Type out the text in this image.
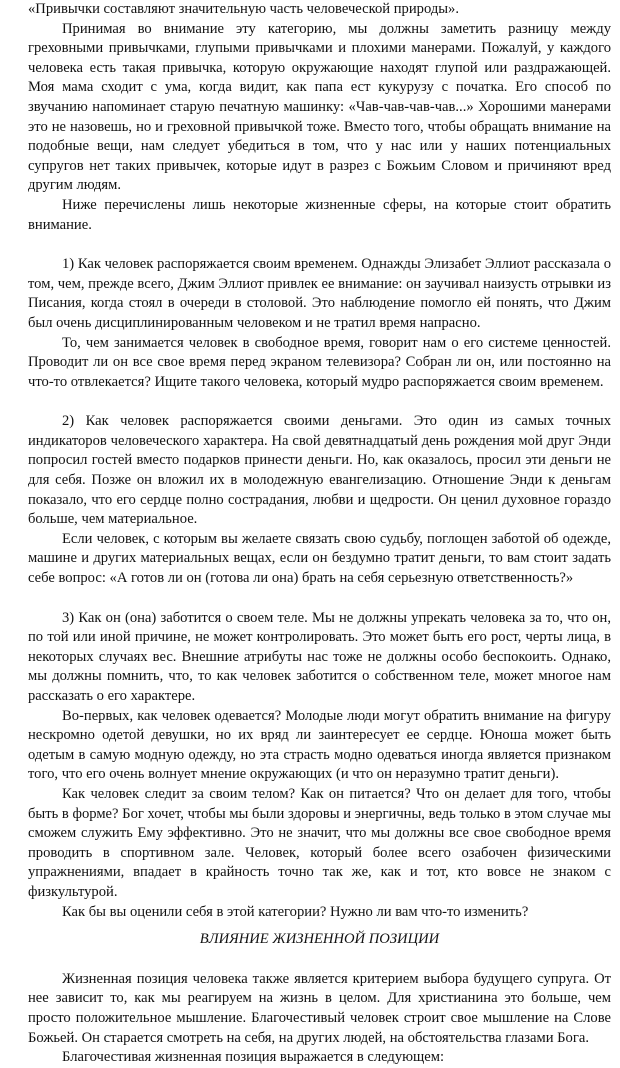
«Привычки составляют значительную часть человеческой природы».

Принимая во внимание эту категорию, мы должны заметить разницу между греховными привычками, глупыми привычками и плохими манерами. Пожалуй, у каждого человека есть такая привычка, которую окружающие находят глупой или раздражающей. Моя мама сходит с ума, когда видит, как папа ест кукурузу с початка. Его способ по звучанию напоминает старую печатную машинку: «Чав-чав-чав-чав...» Хорошими манерами это не назовешь, но и греховной привычкой тоже. Вместо того, чтобы обращать внимание на подобные вещи, нам следует убедиться в том, что у нас или у наших потенциальных супругов нет таких привычек, которые идут в разрез с Божьим Словом и причиняют вред другим людям.

Ниже перечислены лишь некоторые жизненные сферы, на которые стоит обратить внимание.

1) Как человек распоряжается своим временем. Однажды Элизабет Эллиот рассказала о том, чем, прежде всего, Джим Эллиот привлек ее внимание: он заучивал наизусть отрывки из Писания, когда стоял в очереди в столовой. Это наблюдение помогло ей понять, что Джим был очень дисциплинированным человеком и не тратил время напрасно.

То, чем занимается человек в свободное время, говорит нам о его системе ценностей. Проводит ли он все свое время перед экраном телевизора? Собран ли он, или постоянно на что-то отвлекается? Ищите такого человека, который мудро распоряжается своим временем.

2) Как человек распоряжается своими деньгами. Это один из самых точных индикаторов человеческого характера. На свой девятнадцатый день рождения мой друг Энди попросил гостей вместо подарков принести деньги. Но, как оказалось, просил эти деньги не для себя. Позже он вложил их в молодежную евангелизацию. Отношение Энди к деньгам показало, что его сердце полно сострадания, любви и щедрости. Он ценил духовное гораздо больше, чем материальное.

Если человек, с которым вы желаете связать свою судьбу, поглощен заботой об одежде, машине и других материальных вещах, если он бездумно тратит деньги, то вам стоит задать себе вопрос: «А готов ли он (готова ли она) брать на себя серьезную ответственность?»

3) Как он (она) заботится о своем теле. Мы не должны упрекать человека за то, что он, по той или иной причине, не может контролировать. Это может быть его рост, черты лица, в некоторых случаях вес. Внешние атрибуты нас тоже не должны особо беспокоить. Однако, мы должны помнить, что, то как человек заботится о собственном теле, может многое нам рассказать о его характере.

Во-первых, как человек одевается? Молодые люди могут обратить внимание на фигуру нескромно одетой девушки, но их вряд ли заинтересует ее сердце. Юноша может быть одетым в самую модную одежду, но эта страсть модно одеваться иногда является признаком того, что его очень волнует мнение окружающих (и что он неразумно тратит деньги).

Как человек следит за своим телом? Как он питается? Что он делает для того, чтобы быть в форме? Бог хочет, чтобы мы были здоровы и энергичны, ведь только в этом случае мы сможем служить Ему эффективно. Это не значит, что мы должны все свое свободное время проводить в спортивном зале. Человек, который более всего озабочен физическими упражнениями, впадает в крайность точно так же, как и тот, кто вовсе не знаком с физкультурой.

Как бы вы оценили себя в этой категории? Нужно ли вам что-то изменить?

ВЛИЯНИЕ ЖИЗНЕННОЙ ПОЗИЦИИ

Жизненная позиция человека также является критерием выбора будущего супруга. От нее зависит то, как мы реагируем на жизнь в целом. Для христианина это больше, чем просто положительное мышление. Благочестивый человек строит свое мышление на Слове Божьей. Он старается смотреть на себя, на других людей, на обстоятельства глазами Бога.

Благочестивая жизненная позиция выражается в следующем:
